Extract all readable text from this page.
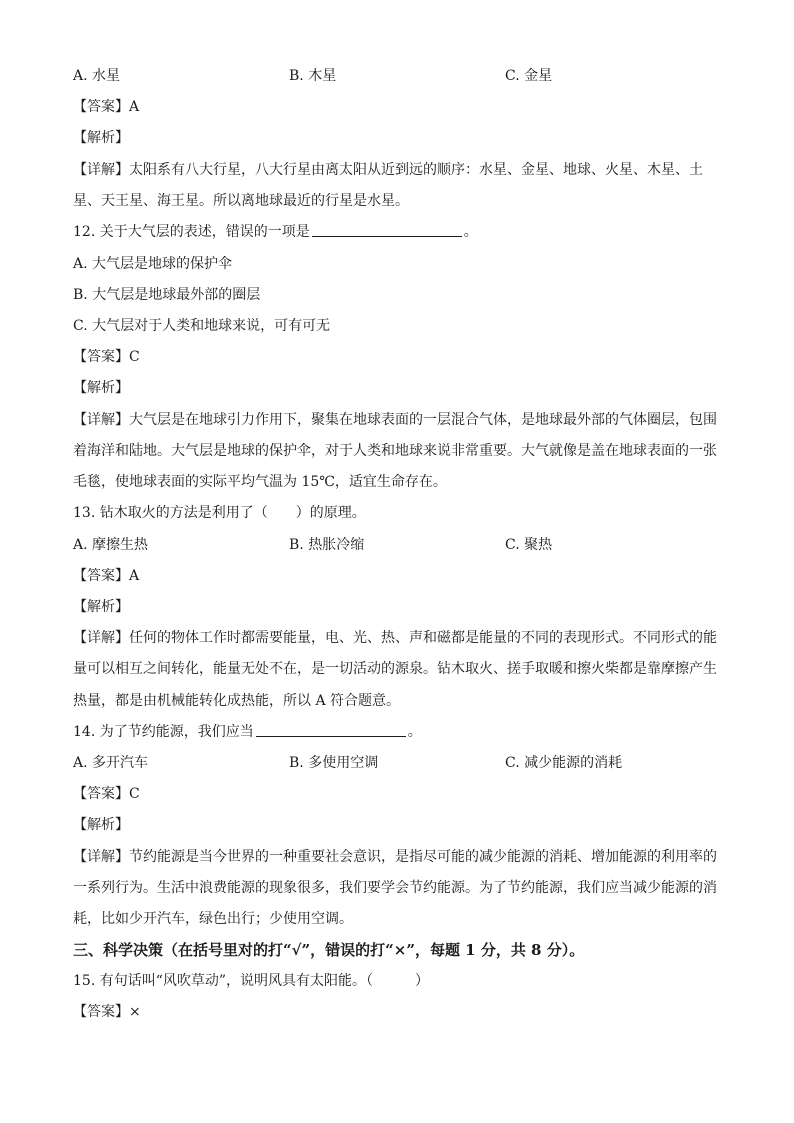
A. 水星	B. 木星	C. 金星
【答案】A
【解析】
【详解】太阳系有八大行星，八大行星由离太阳从近到远的顺序：水星、金星、地球、火星、木星、土
星、天王星、海王星。所以离地球最近的行星是水星。
12. 关于大气层的表述，错误的一项是	。
A. 大气层是地球的保护伞
B. 大气层是地球最外部的圈层
C. 大气层对于人类和地球来说，可有可无
【答案】C
【解析】
【详解】大气层是在地球引力作用下，聚集在地球表面的一层混合气体，是地球最外部的气体圈层，包围
着海洋和陆地。大气层是地球的保护伞，对于人类和地球来说非常重要。大气就像是盖在地球表面的一张
毛毯，使地球表面的实际平均气温为 15℃，适宜生命存在。
13. 钻木取火的方法是利用了（　　）的原理。
A. 摩擦生热	B. 热胀冷缩	C. 聚热
【答案】A
【解析】
【详解】任何的物体工作时都需要能量，电、光、热、声和磁都是能量的不同的表现形式。不同形式的能
量可以相互之间转化，能量无处不在，是一切活动的源泉。钻木取火、搓手取暖和擦火柴都是靠摩擦产生
热量，都是由机械能转化成热能，所以 A 符合题意。
14. 为了节约能源，我们应当	。
A. 多开汽车	B. 多使用空调	C. 减少能源的消耗
【答案】C
【解析】
【详解】节约能源是当今世界的一种重要社会意识，是指尽可能的减少能源的消耗、增加能源的利用率的
一系列行为。生活中浪费能源的现象很多，我们要学会节约能源。为了节约能源，我们应当减少能源的消
耗，比如少开汽车，绿色出行；少使用空调。
三、科学决策（在括号里对的打“√”，错误的打“×”，每题 1 分，共 8 分）。
15. 有句话叫“风吹草动”，说明风具有太阳能。（　　　）
【答案】×
